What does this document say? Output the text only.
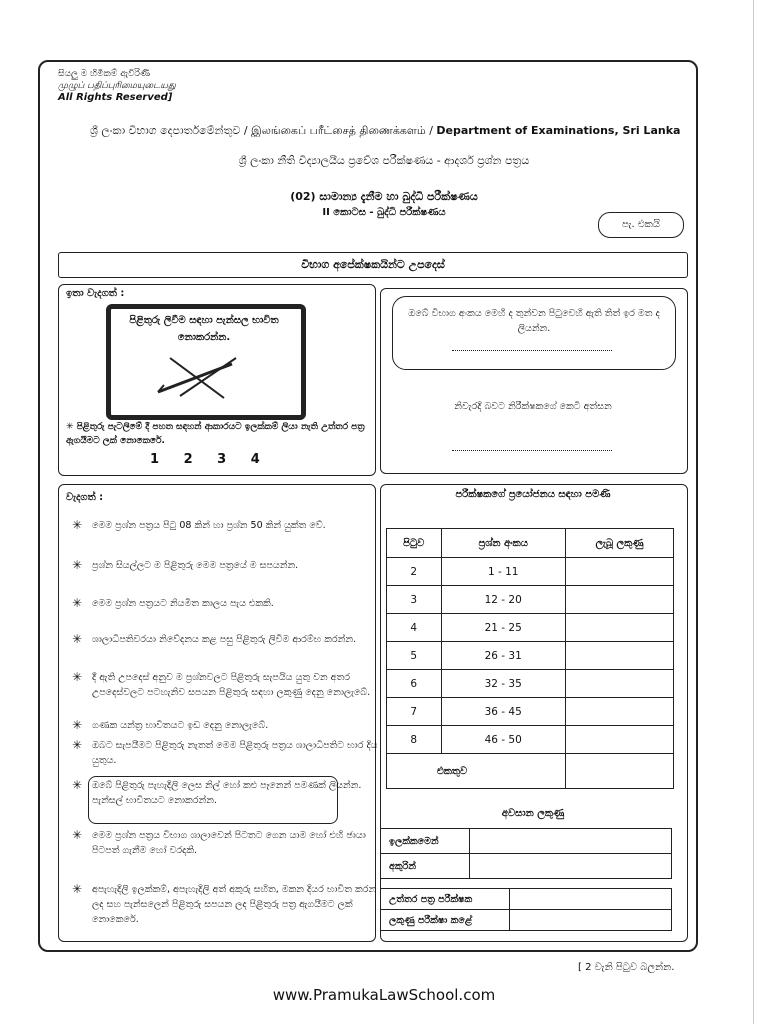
සියලු ම හිමිකම් ඇවිරිණි
முழுப் பதிப்புரிமையுடையது
All Rights Reserved]
ශ්‍රී ලංකා විභාග දෙපාර්තමේන්තුව / இலங்கைப் பரீட்சைத் திணைக்களம் / Department of Examinations, Sri Lanka
ශ්‍රී ලංකා නීති විද්‍යාලයීය ප්‍රවේශ පරීක්ෂණය - ආදර්ශ ප්‍රශ්න පත්‍රය
(02) සාමාන්‍ය දැනීම හා බුද්ධි පරීක්ෂණය
II කොටස - බුද්ධි පරීක්ෂණය
පැ. එකයි
විභාග අපේක්ෂකයින්ට උපදෙස්
ඉතා වැදගත් :
පිළිතුරු ලිවීම සඳහා පැන්සල භාවිත නොකරන්න.
✳ පිළිතුරු පැටලිමේ දී පහත සඳහන් ආකාරයට ඉලක්කම් ලියා නැති උත්තර පත්‍ර ඇගයීමට ලක් නොකෙරේ.
1 2 3 4
ඔබේ විභාග අංකය මෙහි ද තුන්වන පිටුවෙහි ඇති තිත් ඉර මත ද ලියන්න.
නිවැරදි බවට නිරීක්ෂකගේ කෙටි අත්සන
වැදගත් :
✳ මෙම ප්‍රශ්න පත්‍රය පිටු 08 කින් හා ප්‍රශ්න 50 කින් යුක්ත වේ.
✳ ප්‍රශ්න සියල්ලට ම පිළිතුරු මෙම පත්‍රයේ ම සපයන්න.
✳ මෙම ප්‍රශ්න පත්‍රයට නියමිත කාලය පැය එකකි.
✳ ශාලාධිපතිවරයා නිවේදනය කළ පසු පිළිතුරු ලිවීම ආරම්භ කරන්න.
✳ දී ඇති උපදෙස් අනුව ම ප්‍රශ්නවලට පිළිතුරු සැපයිය යුතු වන අතර උපදෙස්වලට පටහැනිව සපයන පිළිතුරු සඳහා ලකුණු දෙනු නොලැබේ.
✳ ගණක යන්ත්‍ර භාවිතයට ඉඩ දෙනු නොලැබේ.
✳ ඔබට සැපයීමට පිළිතුරු නැතත් මෙම පිළිතුරු පත්‍රය ශාලාධිපතිට භාර දිය යුතුය.
✳ ඔබේ පිළිතුරු පැහැදිලි ලෙස නිල් හෝ කළු පෑනෙන් පමණක් ලියන්න. පැන්සල් භාවිතයට නොකරන්න.
✳ මෙම ප්‍රශ්න පත්‍රය විභාග ශාලාවෙන් පිටතට ගෙන යාම හෝ එහි ඡායා පිටපත් ගැනීම හෝ වරදකි.
✳ අපැහැදිලි ඉලක්කම්, අපැහැදිලි අත් අකුරු සහිත, මකන දියර භාවිත කරන ලද සහ පැන්සලෙන් පිළිතුරු සපයන ලද පිළිතුරු පත්‍ර ඇගයීමට ලක් නොකෙරේ.
පරීක්ෂකගේ ප්‍රයෝජනය සඳහා පමණි
පිටුව	ප්‍රශ්න අංකය	ලැබූ ලකුණු
2	1 - 11	
3	12 - 20	
4	21 - 25	
5	26 - 31	
6	32 - 35	
7	36 - 45	
8	46 - 50	
එකතුව		
අවසාන ලකුණු
ඉලක්කමෙන්	
අකුරින්	
උත්තර පත්‍ර පරීක්ෂක	
ලකුණු පරීක්ෂා කළේ	
[ 2 වැනි පිටුව බලන්න.
www.PramukaLawSchool.com
